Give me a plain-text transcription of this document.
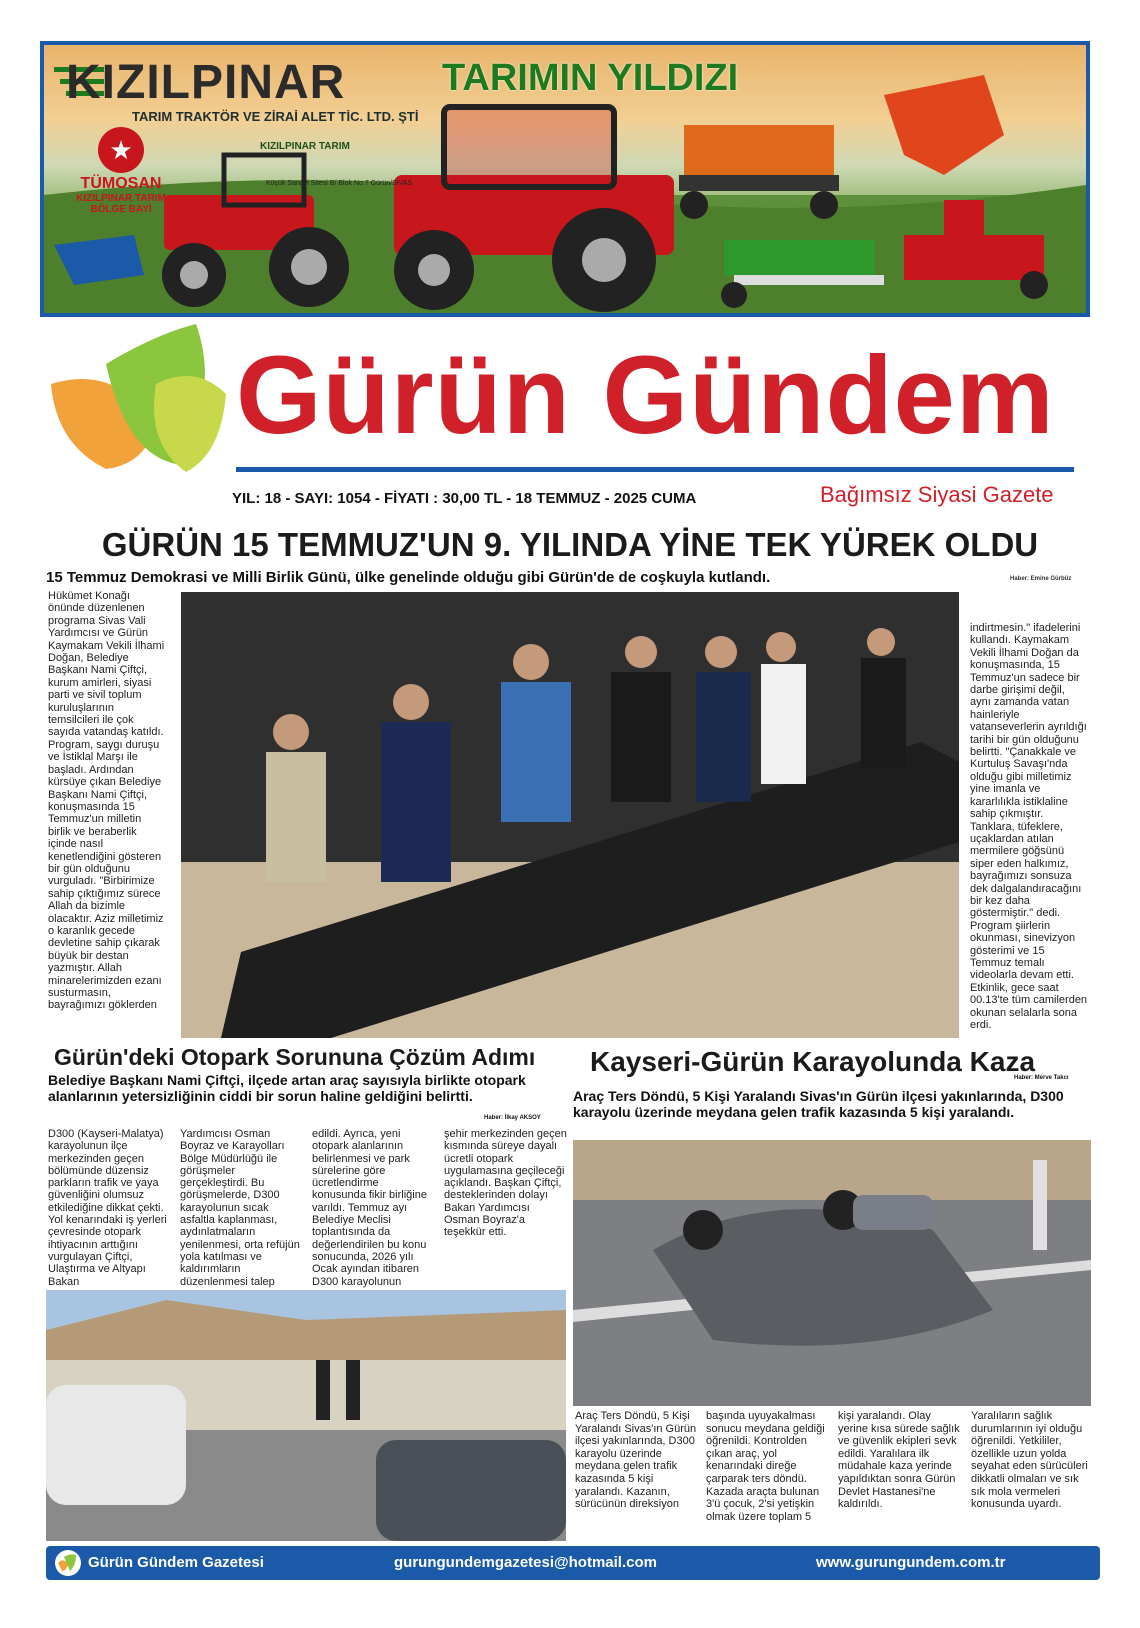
KIZILPINAR
TARIM TRAKTÖR VE ZİRAİ ALET TİC. LTD. ŞTİ
TARIMIN YILDIZI
★
TÜMOSAN
KIZILPINAR TARIM
BÖLGE BAYİ
KIZILPINAR TARIM
Küçük Sanayi Sitesi B/ Blok No:7 Gürün/SİVAS
Gürün Gündem
YIL: 18 - SAYI: 1054 - FİYATI : 30,00 TL - 18 TEMMUZ - 2025 CUMA	Bağımsız Siyasi Gazete
GÜRÜN 15 TEMMUZ'UN 9. YILINDA YİNE TEK YÜREK OLDU
15 Temmuz Demokrasi ve Milli Birlik Günü, ülke genelinde olduğu gibi Gürün'de de coşkuyla kutlandı.	Haber: Emine Gürbüz
Hükümet Konağı önünde düzenlenen programa Sivas Vali Yardımcısı ve Gürün Kaymakam Vekili İlhami Doğan, Belediye Başkanı Nami Çiftçi, kurum amirleri, siyasi parti ve sivil toplum kuruluşlarının temsilcileri ile çok sayıda vatandaş katıldı. Program, saygı duruşu ve İstiklal Marşı ile başladı. Ardından kürsüye çıkan Belediye Başkanı Nami Çiftçi, konuşmasında 15 Temmuz'un milletin birlik ve beraberlik içinde nasıl kenetlendiğini gösteren bir gün olduğunu vurguladı. "Birbirimize sahip çıktığımız sürece Allah da bizimle olacaktır. Aziz milletimiz o karanlık gecede devletine sahip çıkarak büyük bir destan yazmıştır. Allah minarelerimizden ezanı susturmasın, bayrağımızı göklerden
indirtmesin." ifadelerini kullandı. Kaymakam Vekili İlhami Doğan da konuşmasında, 15 Temmuz'un sadece bir darbe girişimi değil, aynı zamanda vatan hainleriyle vatanseverlerin ayrıldığı tarihi bir gün olduğunu belirtti. "Çanakkale ve Kurtuluş Savaşı'nda olduğu gibi milletimiz yine imanla ve kararlılıkla istiklaline sahip çıkmıştır. Tanklara, tüfeklere, uçaklardan atılan mermilere göğsünü siper eden halkımız, bayrağımızı sonsuza dek dalgalandıracağını bir kez daha göstermiştir." dedi. Program şiirlerin okunması, sinevizyon gösterimi ve 15 Temmuz temalı videolarla devam etti. Etkinlik, gece saat 00.13'te tüm camilerden okunan selalarla sona erdi.
Gürün'deki Otopark Sorununa Çözüm Adımı
Belediye Başkanı Nami Çiftçi, ilçede artan araç sayısıyla birlikte otopark alanlarının yetersizliğinin ciddi bir sorun haline geldiğini belirtti.
Haber: İlkay AKSOY
D300 (Kayseri-Malatya) karayolunun ilçe merkezinden geçen bölümünde düzensiz parkların trafik ve yaya güvenliğini olumsuz etkilediğine dikkat çekti. Yol kenarındaki iş yerleri çevresinde otopark ihtiyacının arttığını vurgulayan Çiftçi, Ulaştırma ve Altyapı Bakan
Yardımcısı Osman Boyraz ve Karayolları Bölge Müdürlüğü ile görüşmeler gerçekleştirdi. Bu görüşmelerde, D300 karayolunun sıcak asfaltla kaplanması, aydınlatmaların yenilenmesi, orta refüjün yola katılması ve kaldırımların düzenlenmesi talep
edildi. Ayrıca, yeni otopark alanlarının belirlenmesi ve park sürelerine göre ücretlendirme konusunda fikir birliğine varıldı. Temmuz ayı Belediye Meclisi toplantısında da değerlendirilen bu konu sonucunda, 2026 yılı Ocak ayından itibaren D300 karayolunun
şehir merkezinden geçen kısmında süreye dayalı ücretli otopark uygulamasına geçileceği açıklandı. Başkan Çiftçi, desteklerinden dolayı Bakan Yardımcısı Osman Boyraz'a teşekkür etti.
Kayseri-Gürün Karayolunda Kaza
Haber: Merve Takcı
Araç Ters Döndü, 5 Kişi Yaralandı Sivas'ın Gürün ilçesi yakınlarında, D300 karayolu üzerinde meydana gelen trafik kazasında 5 kişi yaralandı.
Araç Ters Döndü, 5 Kişi Yaralandı Sivas'ın Gürün ilçesi yakınlarında, D300 karayolu üzerinde meydana gelen trafik kazasında 5 kişi yaralandı. Kazanın, sürücünün direksiyon
başında uyuyakalması sonucu meydana geldiği öğrenildi. Kontrolden çıkan araç, yol kenarındaki direğe çarparak ters döndü. Kazada araçta bulunan 3'ü çocuk, 2'si yetişkin olmak üzere toplam 5
kişi yaralandı. Olay yerine kısa sürede sağlık ve güvenlik ekipleri sevk edildi. Yaralılara ilk müdahale kaza yerinde yapıldıktan sonra Gürün Devlet Hastanesi'ne kaldırıldı.
Yaralıların sağlık durumlarının iyi olduğu öğrenildi. Yetkililer, özellikle uzun yolda seyahat eden sürücüleri dikkatli olmaları ve sık sık mola vermeleri konusunda uyardı.
Gürün Gündem Gazetesi	gurungundemgazetesi@hotmail.com	www.gurungundem.com.tr
